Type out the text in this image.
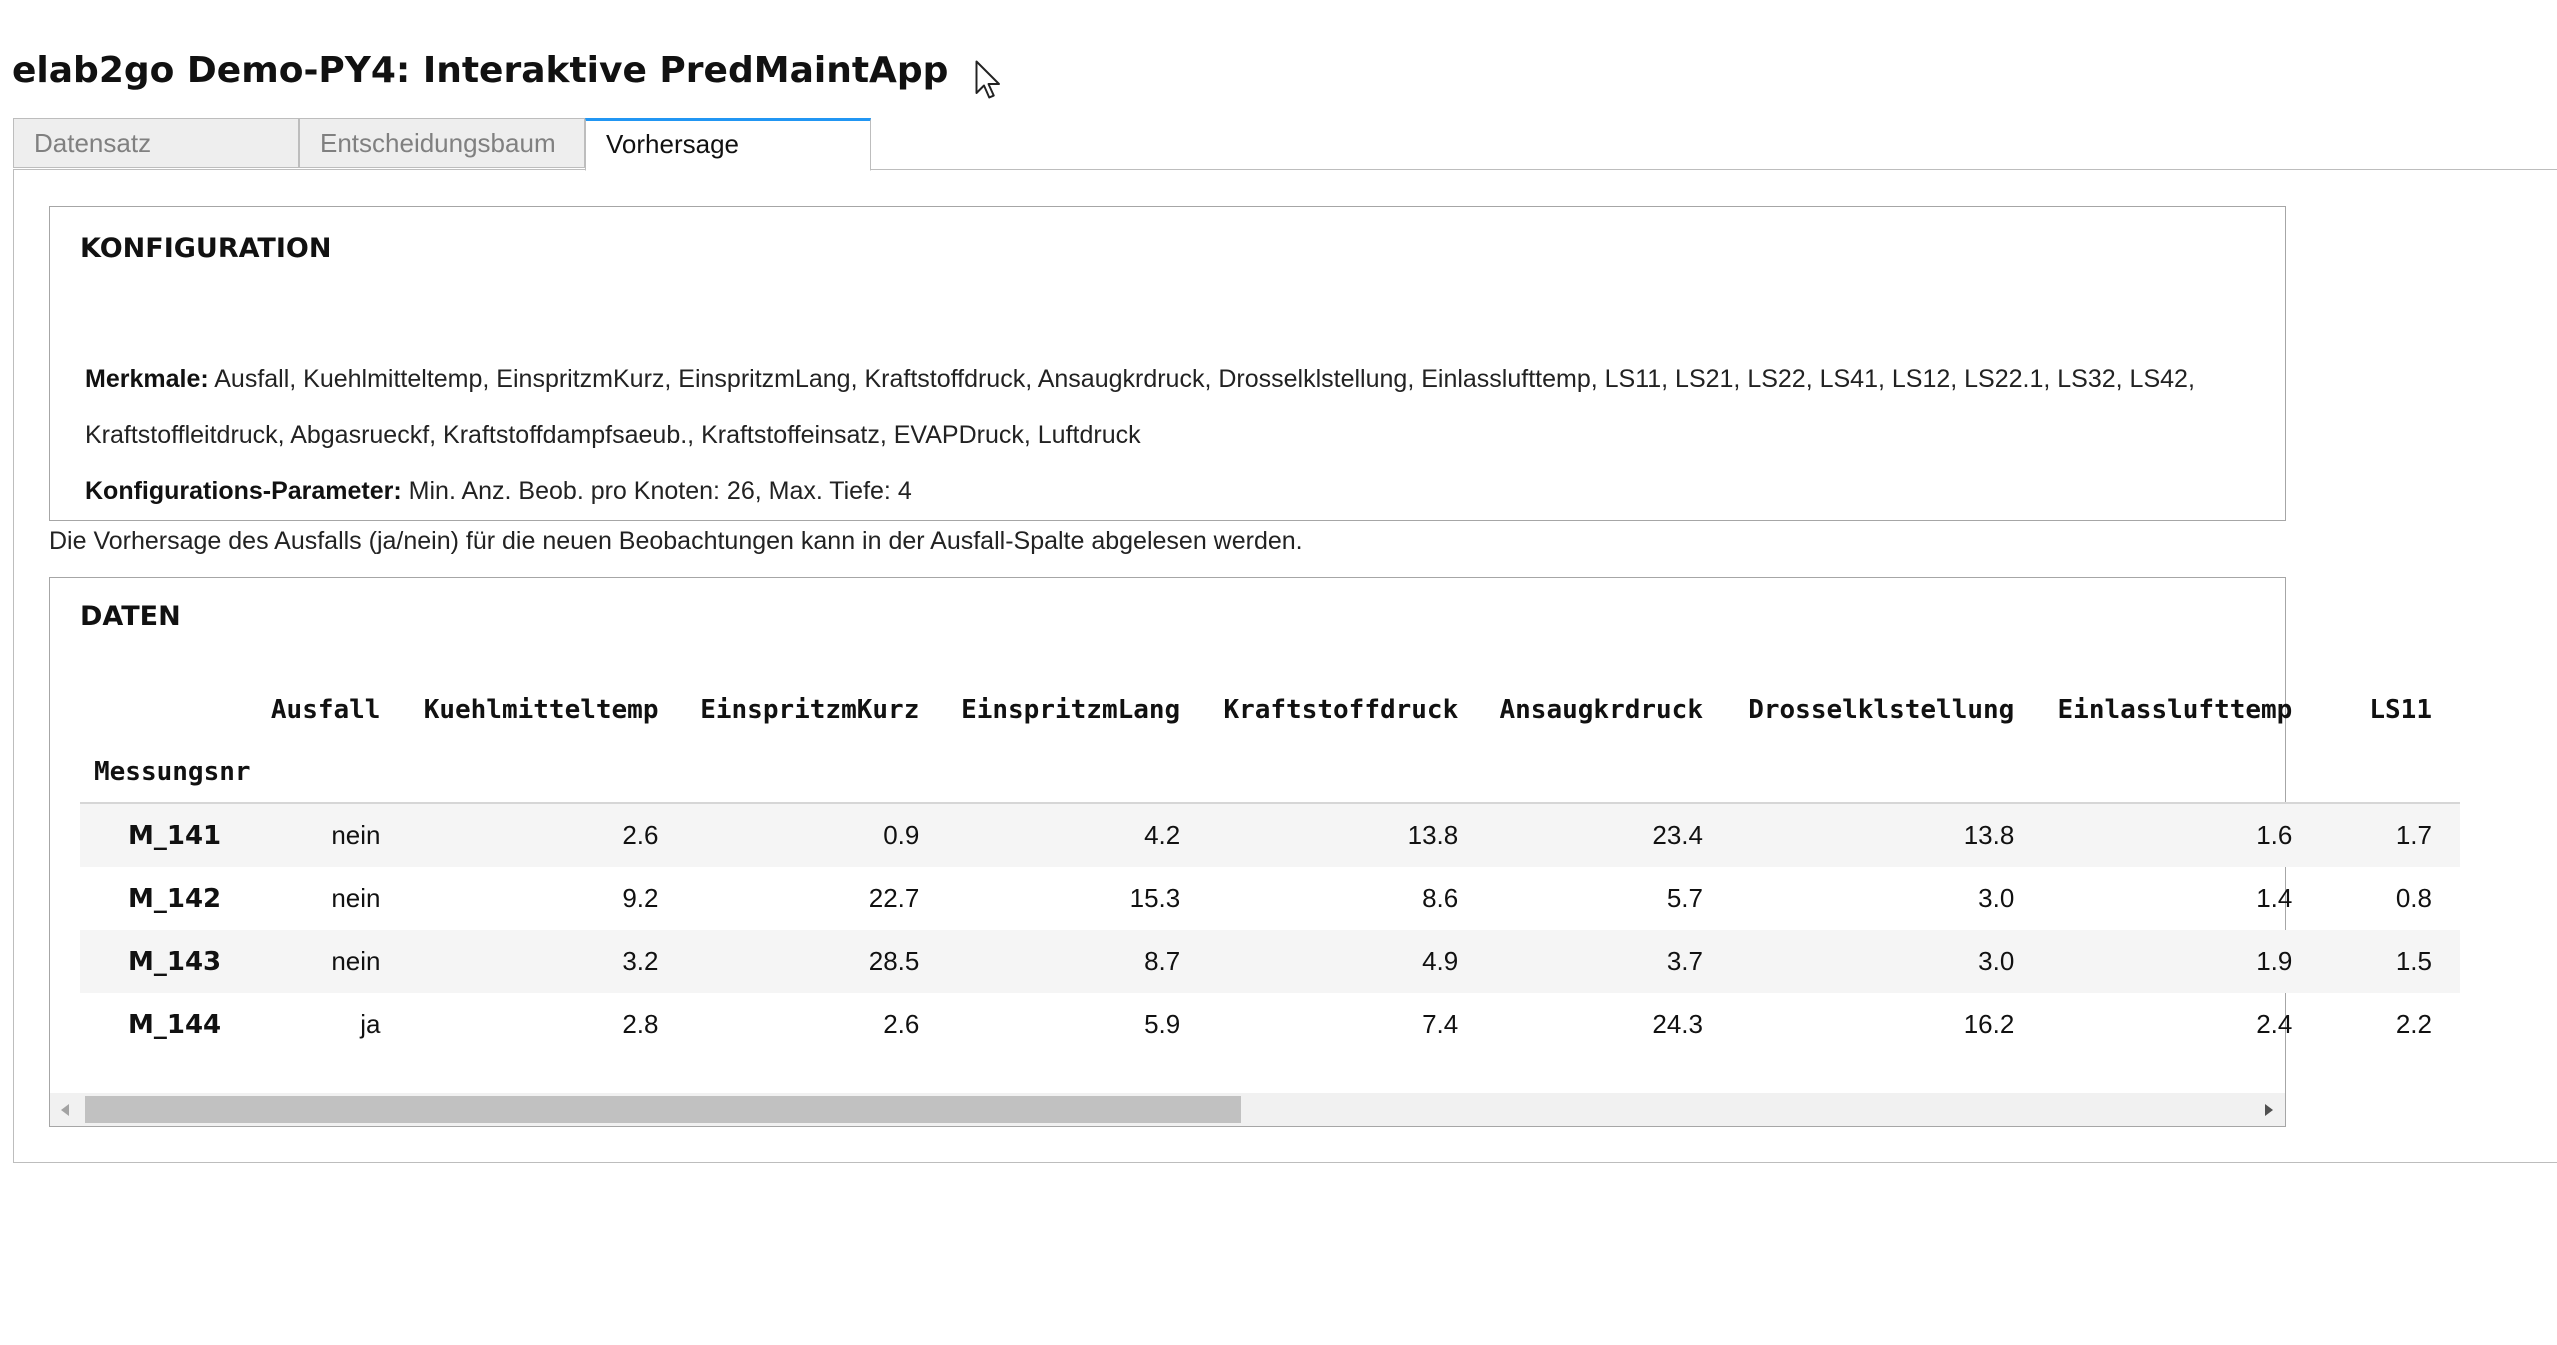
elab2go Demo-PY4: Interaktive PredMaintApp
Datensatz	Entscheidungsbaum	Vorhersage
KONFIGURATION
Merkmale: Ausfall, Kuehlmitteltemp, EinspritzmKurz, EinspritzmLang, Kraftstoffdruck, Ansaugkrdruck, Drosselklstellung, Einlasslufttemp, LS11, LS21, LS22, LS41, LS12, LS22.1, LS32, LS42,
Kraftstoffleitdruck, Abgasrueckf, Kraftstoffdampfsaeub., Kraftstoffeinsatz, EVAPDruck, Luftdruck
Konfigurations-Parameter: Min. Anz. Beob. pro Knoten: 26, Max. Tiefe: 4
Die Vorhersage des Ausfalls (ja/nein) für die neuen Beobachtungen kann in der Ausfall-Spalte abgelesen werden.
DATEN
	Ausfall	Kuehlmitteltemp	EinspritzmKurz	EinspritzmLang	Kraftstoffdruck	Ansaugkrdruck	Drosselklstellung	Einlasslufttemp	LS11
Messungsnr									
M_141	nein	2.6	0.9	4.2	13.8	23.4	13.8	1.6	1.7
M_142	nein	9.2	22.7	15.3	8.6	5.7	3.0	1.4	0.8
M_143	nein	3.2	28.5	8.7	4.9	3.7	3.0	1.9	1.5
M_144	ja	2.8	2.6	5.9	7.4	24.3	16.2	2.4	2.2
